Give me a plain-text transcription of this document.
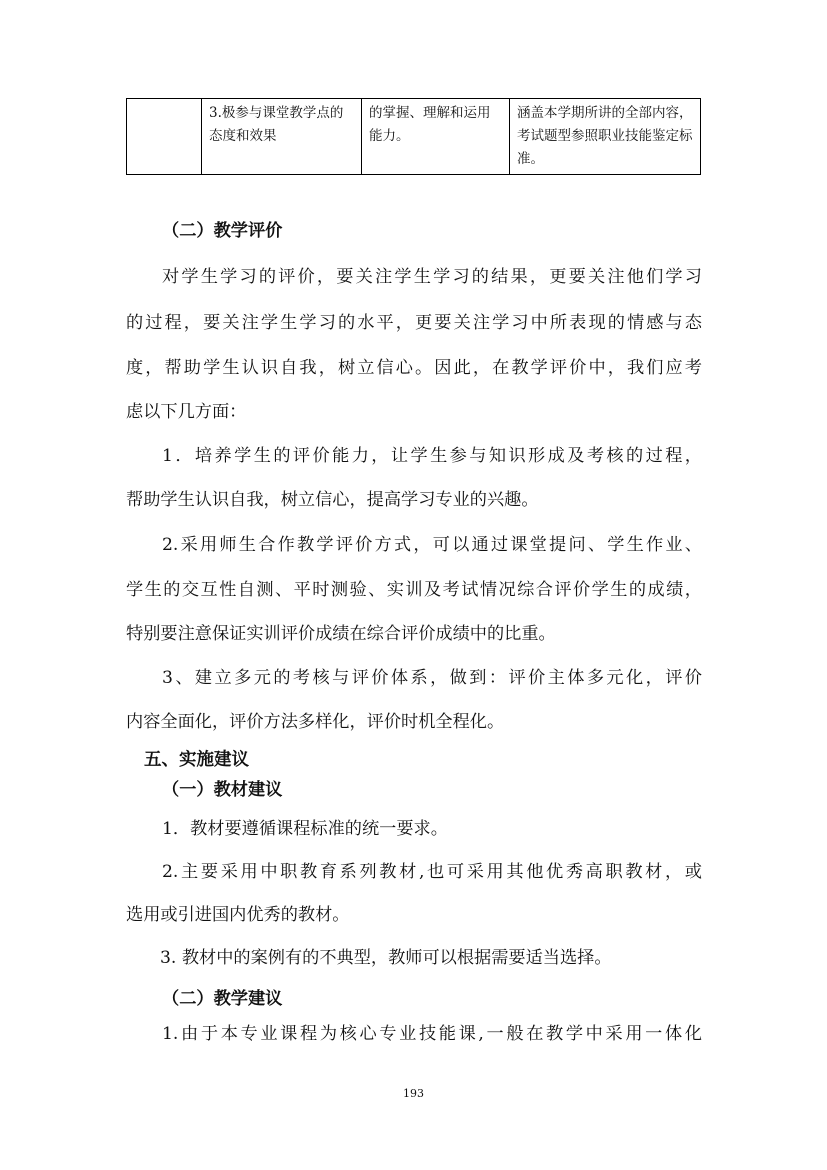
3.极参与课堂教学点的态度和效果
的掌握、理解和运用能力。
涵盖本学期所讲的全部内容，考试题型参照职业技能鉴定标准。
（二）教学评价
对学生学习的评价，要关注学生学习的结果，更要关注他们学习
的过程，要关注学生学习的水平，更要关注学习中所表现的情感与态
度，帮助学生认识自我，树立信心。因此，在教学评价中，我们应考
虑以下几方面：
1．培养学生的评价能力，让学生参与知识形成及考核的过程，
帮助学生认识自我，树立信心，提高学习专业的兴趣。
2.采用师生合作教学评价方式，可以通过课堂提问、学生作业、
学生的交互性自测、平时测验、实训及考试情况综合评价学生的成绩，
特别要注意保证实训评价成绩在综合评价成绩中的比重。
3、建立多元的考核与评价体系，做到：评价主体多元化，评价
内容全面化，评价方法多样化，评价时机全程化。
五、实施建议
（一）教材建议
1．教材要遵循课程标准的统一要求。
2.主要采用中职教育系列教材,也可采用其他优秀高职教材，或
选用或引进国内优秀的教材。
3. 教材中的案例有的不典型，教师可以根据需要适当选择。
（二）教学建议
1.由于本专业课程为核心专业技能课,一般在教学中采用一体化
193
